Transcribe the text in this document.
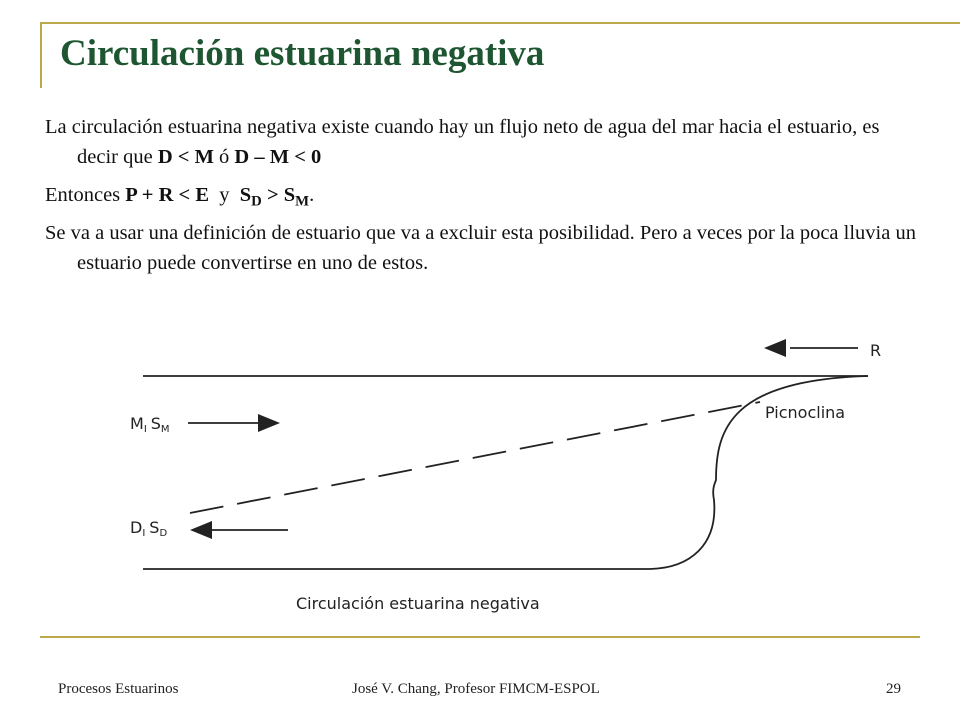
Circulación estuarina negativa

La circulación estuarina negativa existe cuando hay un flujo neto de agua del mar hacia el estuario, es decir que D < M ó D – M < 0

Entonces P + R < E  y  $S_D > S_M$.

Se va a usar una definición de estuario que va a excluir esta posibilidad. Pero a veces por la poca lluvia un estuario puede convertirse en uno de estos.

R
MI SM
DI SD
Picnoclina
Circulación estuarina negativa
Procesos Estuarinos	José V. Chang, Profesor FIMCM-ESPOL	29
